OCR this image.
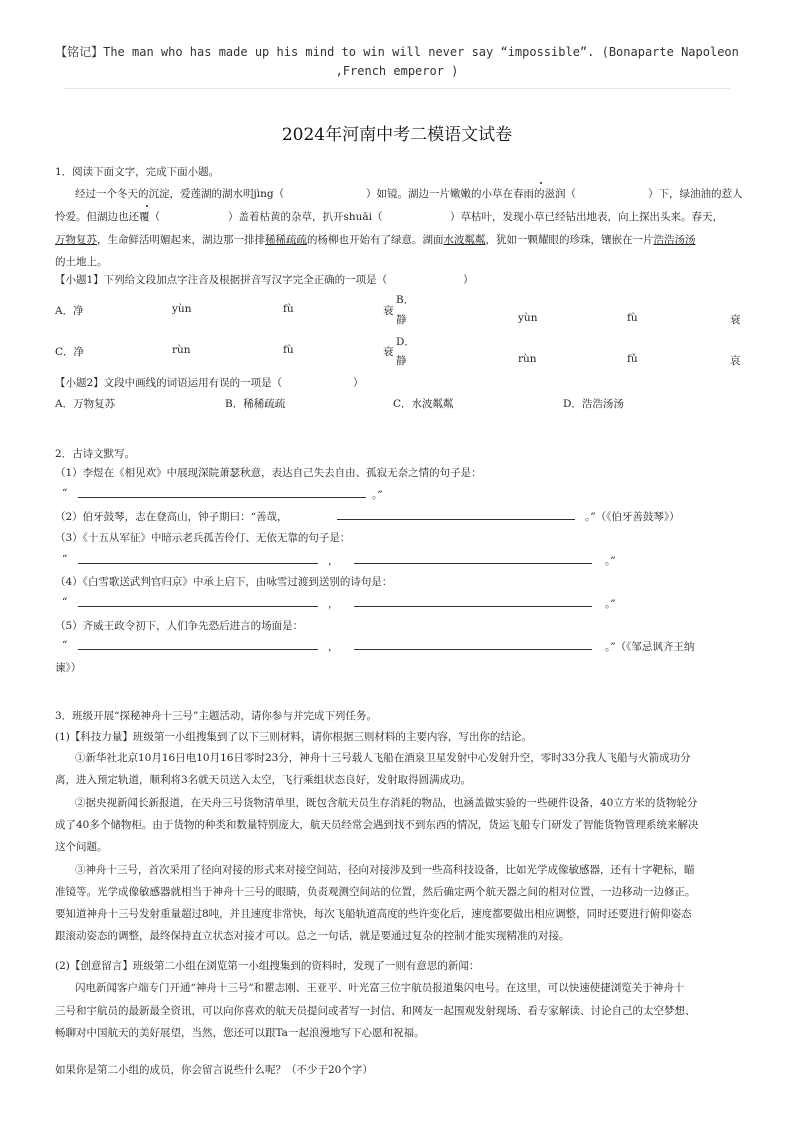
【铭记】The man who has made up his mind to win will never say “impossible”. (Bonaparte Napoleon
,French emperor )
2024年河南中考二模语文试卷
1．阅读下面文字，完成下面小题。
经过一个冬天的沉淀，爱莲湖的湖水明jìng（	）如镜。湖边一片嫩嫩的小草在春雨的滋润（	）下，绿油油的惹人
怜爱。但湖边也还覆（	）盖着枯黄的杂草，扒开shuāi（	）草枯叶，发现小草已经钻出地表，向上探出头来。春天，
万物复苏，生命鲜活明媚起来，湖边那一排排稀稀疏疏的杨柳也开始有了绿意。湖面水波粼粼，犹如一颗耀眼的珍珠，镶嵌在一片浩浩汤汤
的土地上。
【小题1】下列给文段加点字注音及根据拼音写汉字完全正确的一项是（	）
A．净	yùn	fù	衰
B．
静	yùn	fù	衰
C．净	rùn	fù	衰
D．
静	rùn	fǔ	哀
【小题2】文段中画线的词语运用有误的一项是（	）
A．万物复苏	B．稀稀疏疏	C．水波粼粼	D．浩浩汤汤
2．古诗文默写。
（1）李煜在《相见欢》中展现深院萧瑟秋意，表达自己失去自由、孤寂无奈之情的句子是：
“	。”
（2）伯牙鼓琴，志在登高山，钟子期曰：“善哉，	。”（《伯牙善鼓琴》）
（3）《十五从军征》中暗示老兵孤苦伶仃、无依无靠的句子是：
“	，	。”
（4）《白雪歌送武判官归京》中承上启下，由咏雪过渡到送别的诗句是：
“	，	。”
（5）齐威王政令初下，人们争先恐后进言的场面是：
“	，	。”（《邹忌讽齐王纳
谏》）
3．班级开展“探秘神舟十三号”主题活动，请你参与并完成下列任务。
(1)【科技力量】班级第一小组搜集到了以下三则材料，请你根据三则材料的主要内容，写出你的结论。
①新华社北京10月16日电10月16日零时23分，神舟十三号载人飞船在酒泉卫星发射中心发射升空，零时33分我人飞船与火箭成功分
离，进入预定轨道，顺利将3名就天员送入太空，飞行乘组状态良好，发射取得圆满成功。
②据央视新闻长新报道，在天舟三号货物清单里，既包含航天员生存消耗的物品，也涵盖做实验的一些硬件设备，40立方米的货物轮分
成了40多个储物柜。由于货物的种类和数量特别庞大，航天员经常会遇到找不到东西的情况，货运飞船专门研发了智能货物管理系统来解决
这个问题。
③神舟十三号，首次采用了径向对接的形式来对接空间站，径向对接涉及到一些高科技设备，比如光学成像敏感器，还有十字靶标，瞄
准镜等。光学成像敏感器就相当于神舟十三号的眼睛，负责观测空间站的位置，然后确定两个航天器之间的相对位置，一边移动一边修正。
要知道神舟十三号发射重量超过8吨，并且速度非常快，每次飞船轨道高度的些许变化后，速度都要做出相应调整，同时还要进行俯仰姿态
跟滚动姿态的调整，最终保持直立状态对接才可以。总之一句话，就是要通过复杂的控制才能实现精准的对接。
(2)【创意留言】班级第二小组在浏览第一小组搜集到的资料时，发现了一则有意思的新闻：
闪电新闻客户端专门开通“神舟十三号”和瞿志刚、王亚平、叶光富三位宇航员报道集闪电号。在这里，可以快速使捷浏览关于神舟十
三号和宇航员的最新最全资讯，可以向你喜欢的航天员提问或者写一封信、和网友一起围观发射现场、看专家解读、讨论自己的太空梦想、
畅聊对中国航天的美好展望，当然，您还可以跟Ta一起浪漫地写下心愿和祝福。
如果你是第二小组的成员，你会留言说些什么呢？（不少于20个字）
